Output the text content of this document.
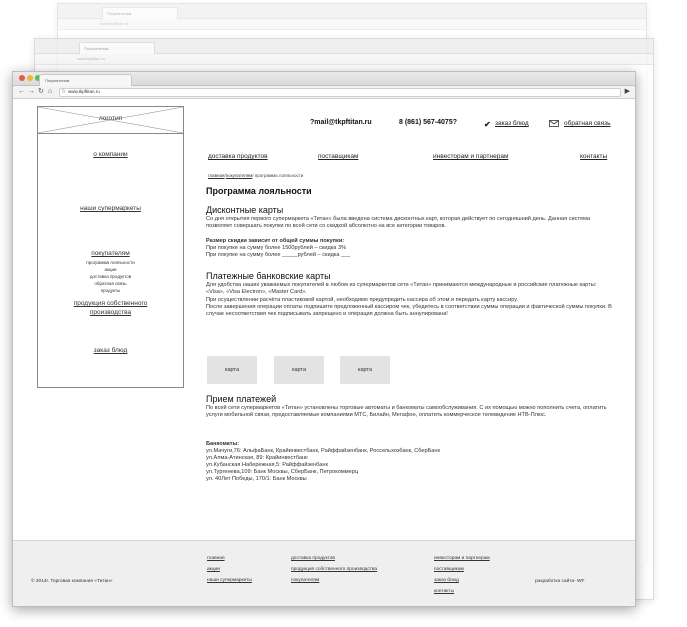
Покупателям
www.tkpftitan.ru
Покупателям
www.tkpftitan.ru
Покупателям
← → ↻ ⌂ ☆ www.tkpftitan.ru	▶
логотип
о компании
наши супермаркеты
покупателям
программа лояльности
акции
доставка продуктов
обратная связь
продукты
продукция собственного
производства
заказ блюд
?mail@tkpftitan.ru	8 (861) 567-4075?	✔ заказ блюд	обратная связь
доставка продуктов	поставщикам	инвесторам и партнерам	контакты
главная/покупателям/ программа лояльности
Программа лояльности
Дисконтные карты
Со дня открытия первого супермаркета «Титан» была введена система дисконтных карт, которая действует по сегодняшний день. Данная система позволяет совершать покупки по всей сети со скидкой абсолютно на все категории товаров.
Размер скидки зависит от общей суммы покупки:
При покупке на сумму более 1500рублей – скидка 3%
При покупке на сумму более _____рублей – скидка ___
Платежные банковские карты
Для удобства наших уважаемых покупателей в любом из супермаркетов сети «Титан» принимаются международные и российские платежные карты: «Visa», «Visa Electron», «Master Card».
При осуществлении расчёта пластиковой картой, необходимо предупредить кассира об этом и передать карту кассиру.
После завершения операции оплаты подпишите предложенный кассиром чек, убедитесь в соответствии суммы операции и фактической суммы покупки. В случае несоответствия чек подписывать запрещено и операция должна быть аннулирована!
карта	карта	карта
Прием платежей
По всей сети супермаркетов «Титан» установлены торговые автоматы и банкоматы самообслуживания. С их помощью можно пополнить счета, оплатить услуги мобильной связи, предоставляемые компаниями МТС, Билайн, Мегафон, оплатить коммерческое телевидение НТВ-Плюс.
Банкоматы:
ул.Мачуги,76: АльфаБанк, Крайинвестбанк, Райффайзенбанк, Россельхозбанк, СберБанк
ул.Алма-Атинская, 89: Крайинвестбанк
ул.Кубанская Набережная,5: Райффайзенбанк
ул.Тургенева,109: Банк Москвы, СберБанк, Петрокоммерц
ул. 40Лет Победы, 170/1: Банк Москвы
© 2014г. Торговая компания «Титан»
главная
акции
наши супермаркеты
доставка продуктов
продукция собственного производства
покупателям
инвесторам и партнерам
поставщикам
заказ блюд
контакты
разработка сайта- WF
